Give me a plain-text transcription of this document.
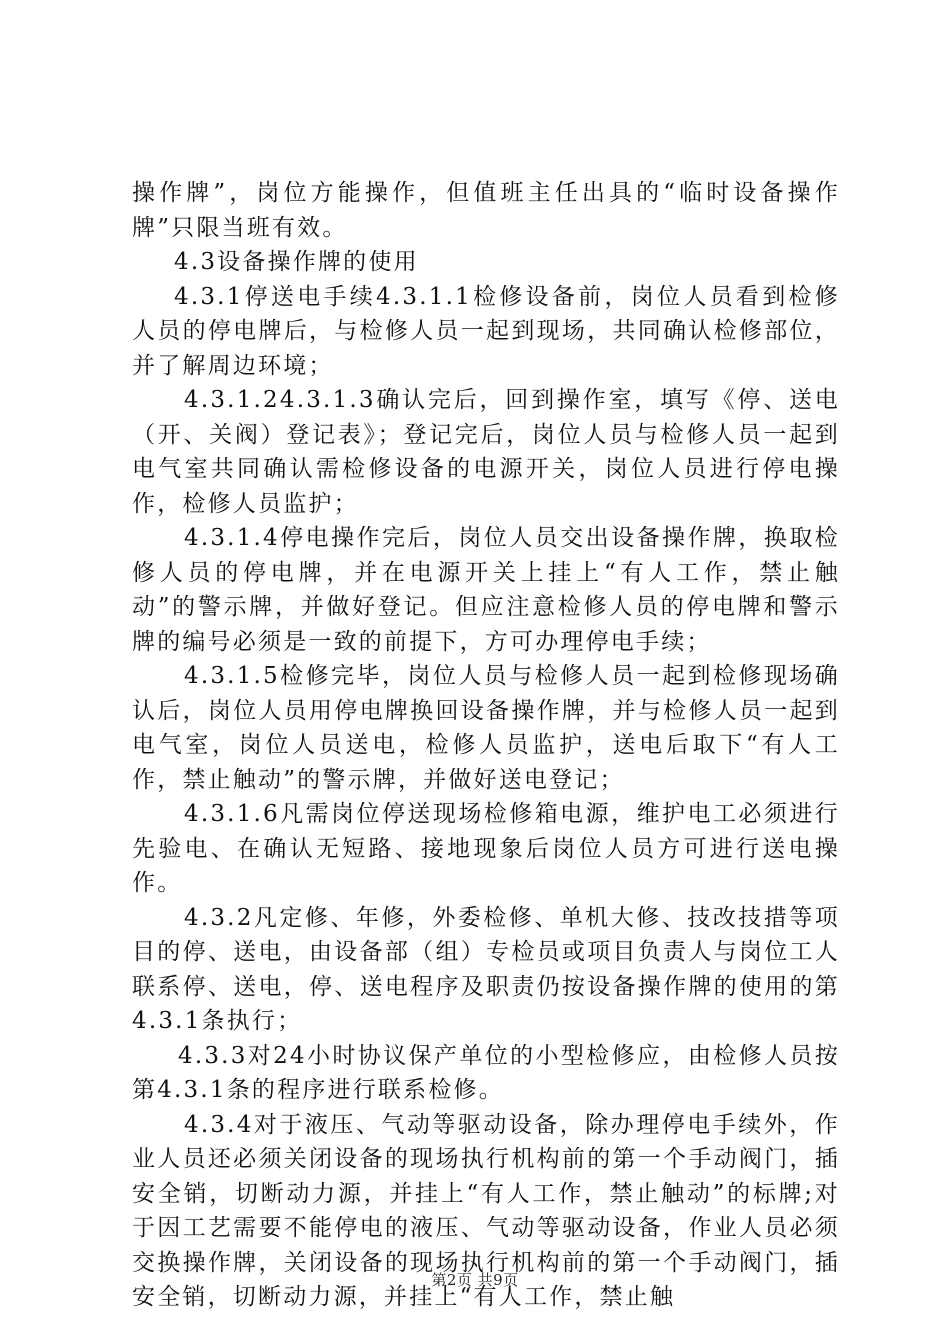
操作牌”，岗位方能操作，但值班主任出具的“临时设备操作牌”只限当班有效。

4.3设备操作牌的使用

4.3.1停送电手续4.3.1.1检修设备前，岗位人员看到检修人员的停电牌后，与检修人员一起到现场，共同确认检修部位，并了解周边环境；

4.3.1.24.3.1.3确认完后，回到操作室，填写《停、送电（开、关阀）登记表》；登记完后，岗位人员与检修人员一起到电气室共同确认需检修设备的电源开关，岗位人员进行停电操作，检修人员监护；

4.3.1.4停电操作完后，岗位人员交出设备操作牌，换取检修人员的停电牌，并在电源开关上挂上“有人工作，禁止触动”的警示牌，并做好登记。但应注意检修人员的停电牌和警示牌的编号必须是一致的前提下，方可办理停电手续；

4.3.1.5检修完毕，岗位人员与检修人员一起到检修现场确认后，岗位人员用停电牌换回设备操作牌，并与检修人员一起到电气室，岗位人员送电，检修人员监护，送电后取下“有人工作，禁止触动”的警示牌，并做好送电登记；

4.3.1.6凡需岗位停送现场检修箱电源，维护电工必须进行先验电、在确认无短路、接地现象后岗位人员方可进行送电操作。

4.3.2凡定修、年修，外委检修、单机大修、技改技措等项目的停、送电，由设备部（组）专检员或项目负责人与岗位工人联系停、送电，停、送电程序及职责仍按设备操作牌的使用的第4.3.1条执行；

4.3.3对24小时协议保产单位的小型检修应，由检修人员按第4.3.1条的程序进行联系检修。

4.3.4对于液压、气动等驱动设备，除办理停电手续外，作业人员还必须关闭设备的现场执行机构前的第一个手动阀门，插安全销，切断动力源，并挂上“有人工作，禁止触动”的标牌;对于因工艺需要不能停电的液压、气动等驱动设备，作业人员必须交换操作牌，关闭设备的现场执行机构前的第一个手动阀门，插安全销，切断动力源，并挂上“有人工作，禁止触

第2页 共9页
